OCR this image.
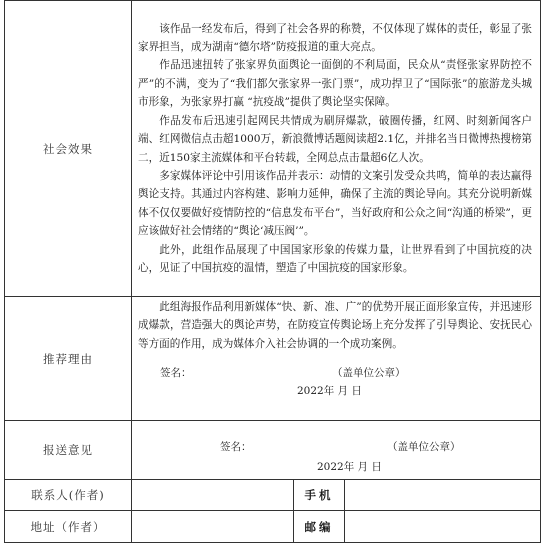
社会效果	该作品一经发布后，得到了社会各界的称赞，不仅体现了媒体的责任，彰显了张家界担当，成为湖南“德尔塔”防疫报道的重大亮点。

作品迅速扭转了张家界负面舆论一面倒的不利局面，民众从“责怪张家界防控不严”的不满，变为了“我们都欠张家界一张门票”，成功捍卫了“国际张”的旅游龙头城市形象，为张家界打赢 “抗疫战”提供了舆论坚实保障。

作品发布后迅速引起网民共情成为刷屏爆款，破圈传播，红网、时刻新闻客户端、红网微信点击超1000万，新浪微博话题阅读超2.1亿，并排名当日微博热搜榜第二，近150家主流媒体和平台转载，全网总点击量超6亿人次。

多家媒体评论中引用该作品并表示：动情的文案引发受众共鸣，简单的表达赢得舆论支持。其通过内容构建、影响力延伸，确保了主流的舆论导向。其充分说明新媒体不仅仅要做好疫情防控的“信息发布平台”，当好政府和公众之间“沟通的桥梁”，更应该做好社会情绪的“舆论‘减压阀’”。

此外，此组作品展现了中国国家形象的传媒力量，让世界看到了中国抗疫的决心，见证了中国抗疫的温情，塑造了中国抗疫的国家形象。		

推荐理由	此组海报作品利用新媒体“快、新、准、广”的优势开展正面形象宣传，并迅速形成爆款，营造强大的舆论声势，在防疫宣传舆论场上充分发挥了引导舆论、安抚民心等方面的作用，成为媒体介入社会协调的一个成功案例。

签名： （盖单位公章）
2022年 月 日		

报送意见	签名： （盖单位公章）
2022年 月 日		

联系人(作者)		手机	
地址（作者）		邮编	
